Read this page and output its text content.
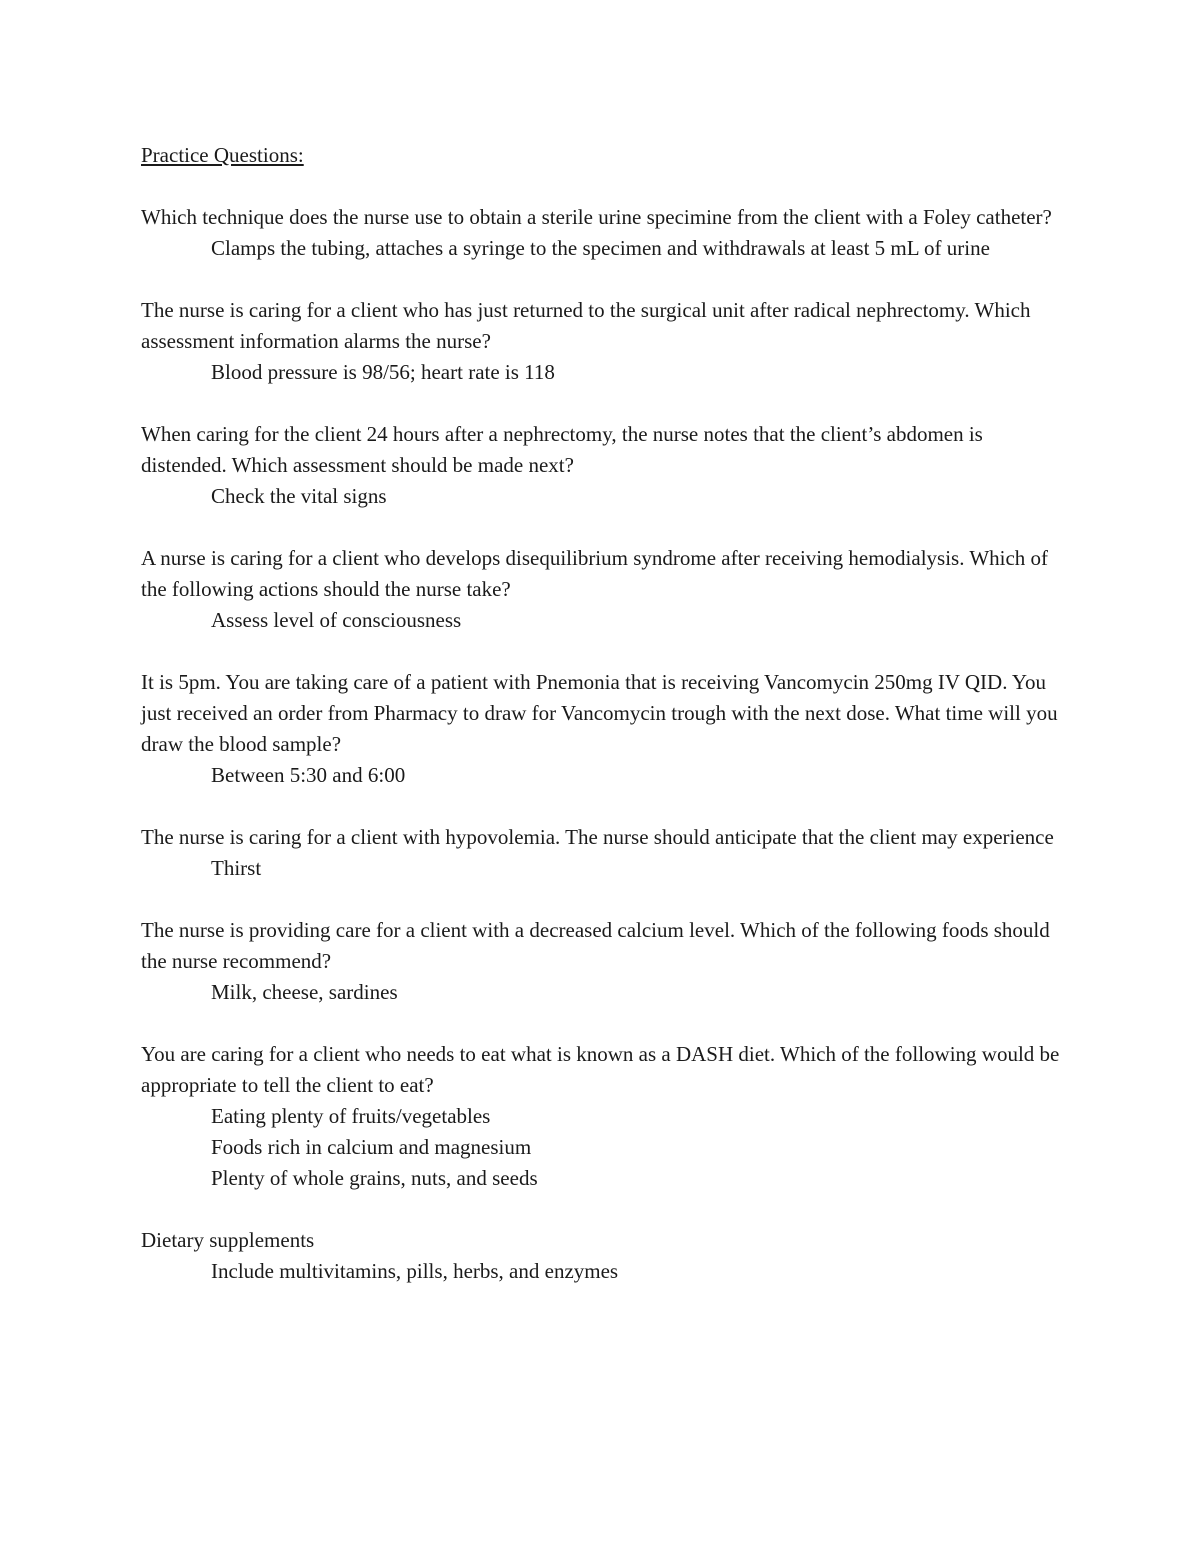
Practice Questions:

Which technique does the nurse use to obtain a sterile urine specimine from the client with a Foley catheter?

Clamps the tubing, attaches a syringe to the specimen and withdrawals at least 5 mL of urine

The nurse is caring for a client who has just returned to the surgical unit after radical nephrectomy. Which assessment information alarms the nurse?

Blood pressure is 98/56; heart rate is 118

When caring for the client 24 hours after a nephrectomy, the nurse notes that the client’s abdomen is distended. Which assessment should be made next?

Check the vital signs

A nurse is caring for a client who develops disequilibrium syndrome after receiving hemodialysis. Which of the following actions should the nurse take?

Assess level of consciousness

It is 5pm. You are taking care of a patient with Pnemonia that is receiving Vancomycin 250mg IV QID. You just received an order from Pharmacy to draw for Vancomycin trough with the next dose. What time will you draw the blood sample?

Between 5:30 and 6:00

The nurse is caring for a client with hypovolemia. The nurse should anticipate that the client may experience

Thirst

The nurse is providing care for a client with a decreased calcium level. Which of the following foods should the nurse recommend?

Milk, cheese, sardines

You are caring for a client who needs to eat what is known as a DASH diet. Which of the following would be appropriate to tell the client to eat?

Eating plenty of fruits/vegetables

Foods rich in calcium and magnesium

Plenty of whole grains, nuts, and seeds

Dietary supplements

Include multivitamins, pills, herbs, and enzymes
